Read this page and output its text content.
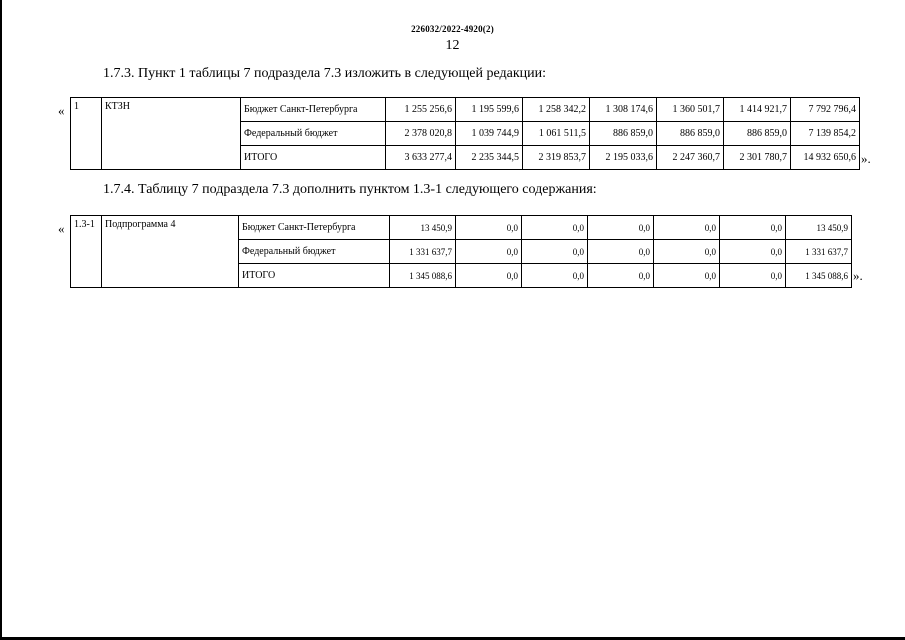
226032/2022-4920(2)
12
1.7.3. Пункт 1 таблицы 7 подраздела 7.3 изложить в следующей редакции:
« 1	КТЗН	Бюджет Санкт-Петербурга	1 255 256,6	1 195 599,6	1 258 342,2	1 308 174,6	1 360 501,7	1 414 921,7	7 792 796,4
		Федеральный бюджет	2 378 020,8	1 039 744,9	1 061 511,5	886 859,0	886 859,0	886 859,0	7 139 854,2
		ИТОГО	3 633 277,4	2 235 344,5	2 319 853,7	2 195 033,6	2 247 360,7	2 301 780,7	14 932 650,6 ».
1.7.4. Таблицу 7 подраздела 7.3 дополнить пунктом 1.3-1 следующего содержания:
« 1.3-1	Подпрограмма 4	Бюджет Санкт-Петербурга	13 450,9	0,0	0,0	0,0	0,0	0,0	13 450,9
		Федеральный бюджет	1 331 637,7	0,0	0,0	0,0	0,0	0,0	1 331 637,7
		ИТОГО	1 345 088,6	0,0	0,0	0,0	0,0	0,0	1 345 088,6 ».
